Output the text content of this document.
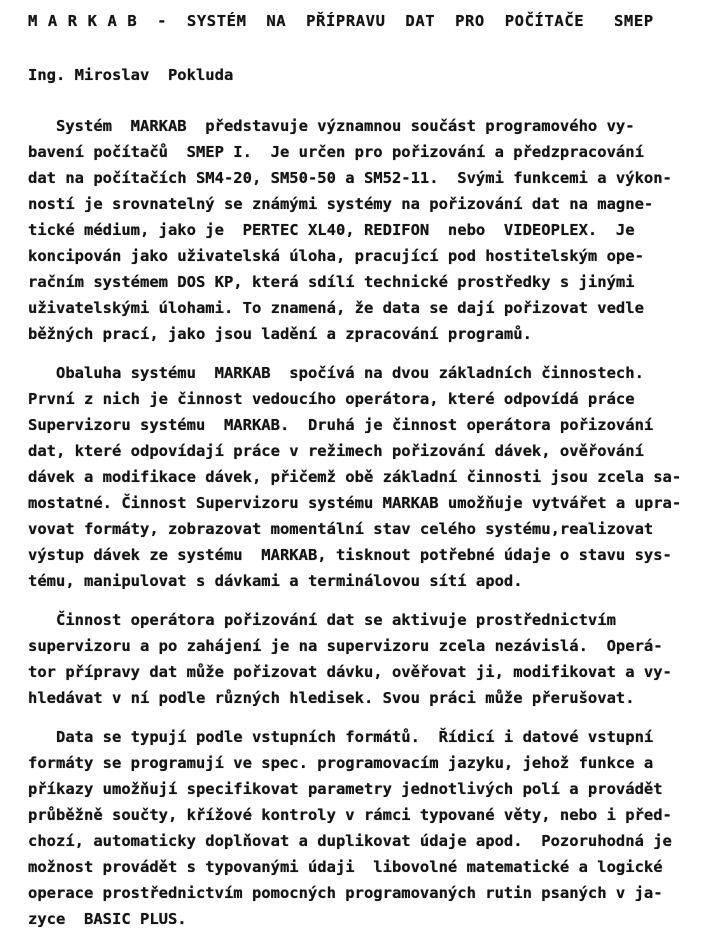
M A R K A B  -  SYSTÉM  NA  PŘÍPRAVU  DAT  PRO  POČÍTAČE   SMEP
Ing. Miroslav  Pokluda
Systém  MARKAB  představuje významnou součást programového vy-
bavení počítačů  SMEP I.  Je určen pro pořizování a předzpracování
dat na počítačích SM4-20, SM50-50 a SM52-11.  Svými funkcemi a výkon-
ností je srovnatelný se známými systémy na pořizování dat na magne-
tické médium, jako je  PERTEC XL40, REDIFON  nebo  VIDEOPLEX.  Je
koncipován jako uživatelská úloha, pracující pod hostitelským ope-
račním systémem DOS KP, která sdílí technické prostředky s jinými
uživatelskými úlohami. To znamená, že data se dají pořizovat vedle
běžných prací, jako jsou ladění a zpracování programů.
Obaluha systému  MARKAB  spočívá na dvou základních činnostech.
První z nich je činnost vedoucího operátora, které odpovídá práce
Supervizoru systému  MARKAB.  Druhá je činnost operátora pořizování
dat, které odpovídají práce v režimech pořizování dávek, ověřování
dávek a modifikace dávek, přičemž obě základní činnosti jsou zcela sa-
mostatné. Činnost Supervizoru systému MARKAB umožňuje vytvářet a upra-
vovat formáty, zobrazovat momentální stav celého systému,realizovat
výstup dávek ze systému  MARKAB, tisknout potřebné údaje o stavu sys-
tému, manipulovat s dávkami a terminálovou sítí apod.
Činnost operátora pořizování dat se aktivuje prostřednictvím
supervizoru a po zahájení je na supervizoru zcela nezávislá.  Operá-
tor přípravy dat může pořizovat dávku, ověřovat ji, modifikovat a vy-
hledávat v ní podle různých hledisek. Svou práci může přerušovat.
Data se typují podle vstupních formátů.  Řídicí i datové vstupní
formáty se programují ve spec. programovacím jazyku, jehož funkce a
příkazy umožňují specifikovat parametry jednotlivých polí a provádět
průběžně součty, křížové kontroly v rámci typované věty, nebo i před-
chozí, automaticky doplňovat a duplikovat údaje apod.  Pozoruhodná je
možnost provádět s typovanými údaji  libovolné matematické a logické
operace prostřednictvím pomocných programovaných rutin psaných v ja-
zyce  BASIC PLUS.
